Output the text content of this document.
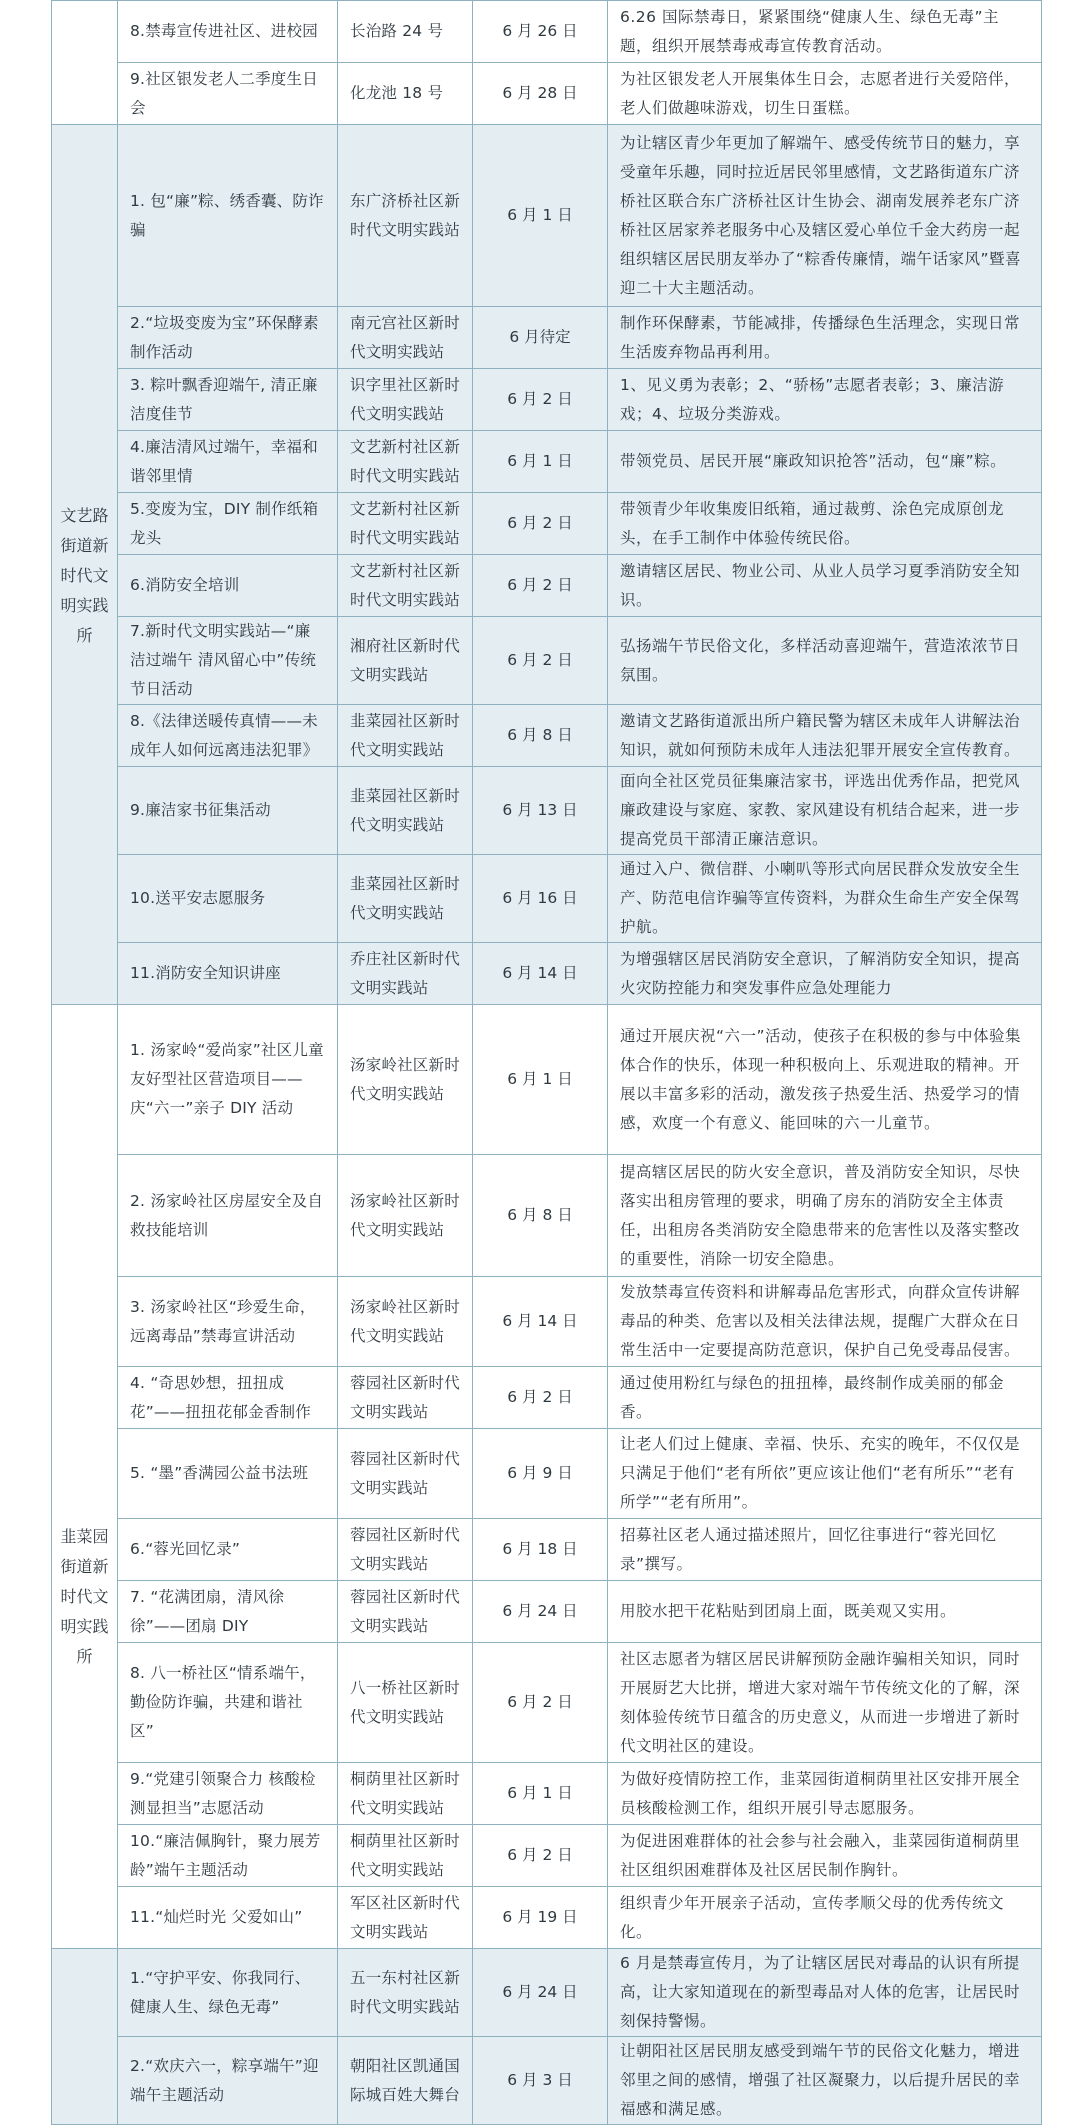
	8.禁毒宣传进社区、进校园	长治路 24 号	6 月 26 日	6.26 国际禁毒日，紧紧围绕“健康人生、绿色无毒”主题，组织开展禁毒戒毒宣传教育活动。
	9.社区银发老人二季度生日会	化龙池 18 号	6 月 28 日	为社区银发老人开展集体生日会，志愿者进行关爱陪伴，老人们做趣味游戏，切生日蛋糕。
文艺路街道新时代文明实践所	1. 包“廉”粽、绣香囊、防诈骗	东广济桥社区新时代文明实践站	6 月 1 日	为让辖区青少年更加了解端午、感受传统节日的魅力，享受童年乐趣，同时拉近居民邻里感情，文艺路街道东广济桥社区联合东广济桥社区计生协会、湖南发展养老东广济桥社区居家养老服务中心及辖区爱心单位千金大药房一起组织辖区居民朋友举办了“粽香传廉情，端午话家风”暨喜迎二十大主题活动。
	2.“垃圾变废为宝”环保酵素制作活动	南元宫社区新时代文明实践站	6 月待定	制作环保酵素，节能减排，传播绿色生活理念，实现日常生活废弃物品再利用。
	3. 粽叶飘香迎端午, 清正廉洁度佳节	识字里社区新时代文明实践站	6 月 2 日	1、见义勇为表彰；2、“骄杨”志愿者表彰；3、廉洁游戏；4、垃圾分类游戏。
	4.廉洁清风过端午，幸福和谐邻里情	文艺新村社区新时代文明实践站	6 月 1 日	带领党员、居民开展“廉政知识抢答”活动，包“廉”粽。
	5.变废为宝，DIY 制作纸箱龙头	文艺新村社区新时代文明实践站	6 月 2 日	带领青少年收集废旧纸箱，通过裁剪、涂色完成原创龙头，在手工制作中体验传统民俗。
	6.消防安全培训	文艺新村社区新时代文明实践站	6 月 2 日	邀请辖区居民、物业公司、从业人员学习夏季消防安全知识。
	7.新时代文明实践站—“廉洁过端午 清风留心中”传统节日活动	湘府社区新时代文明实践站	6 月 2 日	弘扬端午节民俗文化，多样活动喜迎端午，营造浓浓节日氛围。
	8.《法律送暖传真情——未成年人如何远离违法犯罪》	韭菜园社区新时代文明实践站	6 月 8 日	邀请文艺路街道派出所户籍民警为辖区未成年人讲解法治知识，就如何预防未成年人违法犯罪开展安全宣传教育。
	9.廉洁家书征集活动	韭菜园社区新时代文明实践站	6 月 13 日	面向全社区党员征集廉洁家书，评选出优秀作品，把党风廉政建设与家庭、家教、家风建设有机结合起来，进一步提高党员干部清正廉洁意识。
	10.送平安志愿服务	韭菜园社区新时代文明实践站	6 月 16 日	通过入户、微信群、小喇叭等形式向居民群众发放安全生产、防范电信诈骗等宣传资料，为群众生命生产安全保驾护航。
	11.消防安全知识讲座	乔庄社区新时代文明实践站	6 月 14 日	为增强辖区居民消防安全意识，了解消防安全知识，提高火灾防控能力和突发事件应急处理能力
韭菜园街道新时代文明实践所	1. 汤家岭“爱尚家”社区儿童友好型社区营造项目——庆“六一”亲子 DIY 活动	汤家岭社区新时代文明实践站	6 月 1 日	通过开展庆祝“六一”活动，使孩子在积极的参与中体验集体合作的快乐，体现一种积极向上、乐观进取的精神。开展以丰富多彩的活动，激发孩子热爱生活、热爱学习的情感，欢度一个有意义、能回味的六一儿童节。
	2. 汤家岭社区房屋安全及自救技能培训	汤家岭社区新时代文明实践站	6 月 8 日	提高辖区居民的防火安全意识，普及消防安全知识，尽快落实出租房管理的要求，明确了房东的消防安全主体责任，出租房各类消防安全隐患带来的危害性以及落实整改的重要性，消除一切安全隐患。
	3. 汤家岭社区“珍爱生命，远离毒品”禁毒宣讲活动	汤家岭社区新时代文明实践站	6 月 14 日	发放禁毒宣传资料和讲解毒品危害形式，向群众宣传讲解毒品的种类、危害以及相关法律法规，提醒广大群众在日常生活中一定要提高防范意识，保护自己免受毒品侵害。
	4. “奇思妙想，扭扭成花”——扭扭花郁金香制作	蓉园社区新时代文明实践站	6 月 2 日	通过使用粉红与绿色的扭扭棒，最终制作成美丽的郁金香。
	5. “墨”香满园公益书法班	蓉园社区新时代文明实践站	6 月 9 日	让老人们过上健康、幸福、快乐、充实的晚年，不仅仅是只满足于他们“老有所依”更应该让他们“老有所乐”“老有所学”“老有所用”。
	6.“蓉光回忆录”	蓉园社区新时代文明实践站	6 月 18 日	招募社区老人通过描述照片，回忆往事进行“蓉光回忆录”撰写。
	7. “花满团扇，清风徐徐”——团扇 DIY	蓉园社区新时代文明实践站	6 月 24 日	用胶水把干花粘贴到团扇上面，既美观又实用。
	8. 八一桥社区“情系端午，勤俭防诈骗，共建和谐社区”	八一桥社区新时代文明实践站	6 月 2 日	社区志愿者为辖区居民讲解预防金融诈骗相关知识，同时开展厨艺大比拼，增进大家对端午节传统文化的了解，深刻体验传统节日蕴含的历史意义，从而进一步增进了新时代文明社区的建设。
	9.“党建引领聚合力 核酸检测显担当”志愿活动	桐荫里社区新时代文明实践站	6 月 1 日	为做好疫情防控工作，韭菜园街道桐荫里社区安排开展全员核酸检测工作，组织开展引导志愿服务。
	10.“廉洁佩胸针，聚力展芳龄”端午主题活动	桐荫里社区新时代文明实践站	6 月 2 日	为促进困难群体的社会参与社会融入，韭菜园街道桐荫里社区组织困难群体及社区居民制作胸针。
	11.“灿烂时光 父爱如山”	军区社区新时代文明实践站	6 月 19 日	组织青少年开展亲子活动，宣传孝顺父母的优秀传统文化。
	1.“守护平安、你我同行、健康人生、绿色无毒”	五一东村社区新时代文明实践站	6 月 24 日	6 月是禁毒宣传月，为了让辖区居民对毒品的认识有所提高，让大家知道现在的新型毒品对人体的危害，让居民时刻保持警惕。
	2.“欢庆六一，粽享端午”迎端午主题活动	朝阳社区凯通国际城百姓大舞台	6 月 3 日	让朝阳社区居民朋友感受到端午节的民俗文化魅力，增进邻里之间的感情，增强了社区凝聚力，以后提升居民的幸福感和满足感。
